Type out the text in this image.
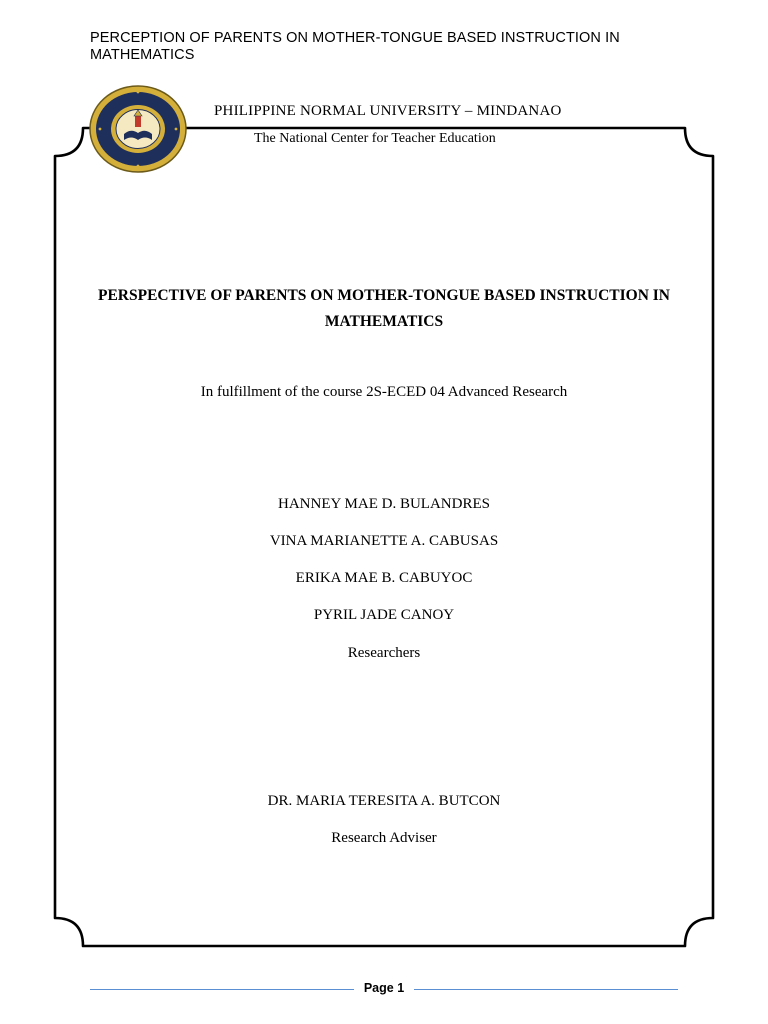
PERCEPTION OF PARENTS ON MOTHER-TONGUE BASED INSTRUCTION IN MATHEMATICS
PHILIPPINE NORMAL UNIVERSITY – MINDANAO
The National Center for Teacher Education
PERSPECTIVE OF PARENTS ON MOTHER-TONGUE BASED INSTRUCTION IN MATHEMATICS
In fulfillment of the course 2S-ECED 04 Advanced Research
HANNEY MAE D. BULANDRES
VINA MARIANETTE A. CABUSAS
ERIKA MAE B. CABUYOC
PYRIL JADE CANOY
Researchers
DR. MARIA TERESITA A. BUTCON
Research Adviser
Page 1
